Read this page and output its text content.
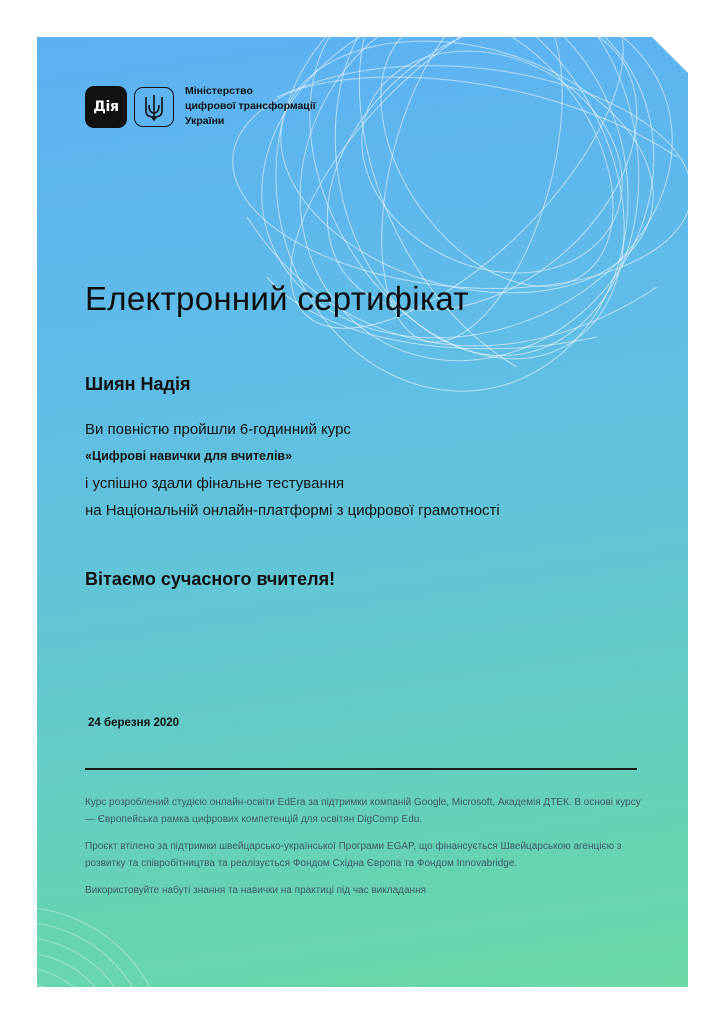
Дія
Міністерство
цифрової трансформації
України
Електронний сертифікат
Шиян Надія
Ви повністю пройшли 6-годинний курс
«Цифрові навички для вчителів»
і успішно здали фінальне тестування
на Національній онлайн-платформі з цифрової грамотності
Вітаємо сучасного вчителя!
24 березня 2020

Курс розроблений студією онлайн-освіти EdEra за підтримки компаній Google, Microsoft, Академія ДТЕК. В основі курсу — Європейська рамка цифрових компетенцій для освітян DigComp Edu.

Проєкт втілено за підтримки швейцарсько-української Програми EGAP, що фінансується Швейцарською агенцією з розвитку та співробітництва та реалізується Фондом Східна Європа та Фондом Innovabridge.

Використовуйте набуті знання та навички на практиці під час викладання
